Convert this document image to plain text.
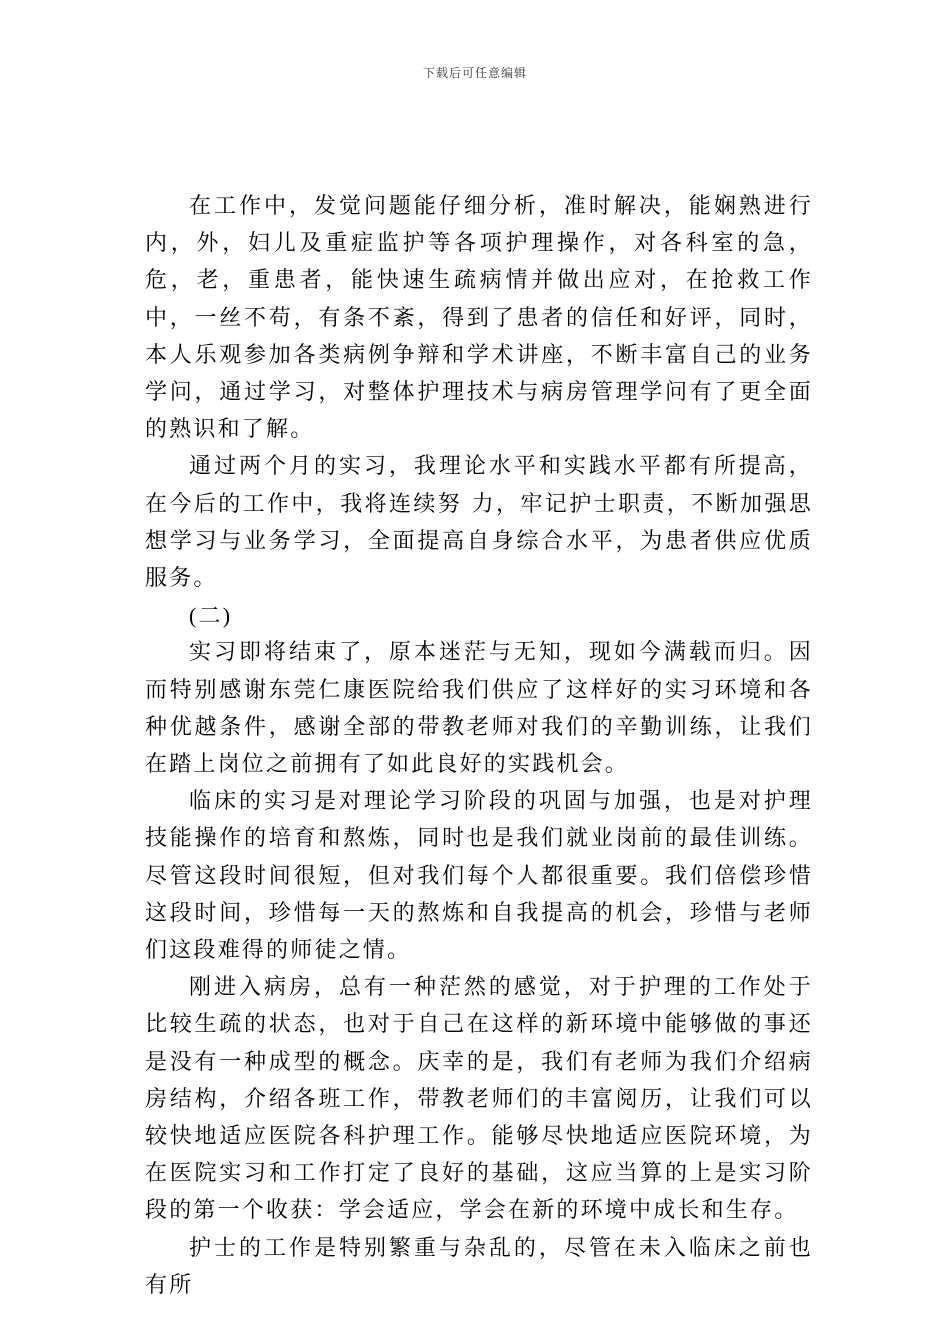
下载后可任意编辑

在工作中，发觉问题能仔细分析，准时解决，能娴熟进行内，外，妇儿及重症监护等各项护理操作，对各科室的急，危，老，重患者，能快速生疏病情并做出应对，在抢救工作中，一丝不苟，有条不紊，得到了患者的信任和好评，同时，本人乐观参加各类病例争辩和学术讲座，不断丰富自己的业务学问，通过学习，对整体护理技术与病房管理学问有了更全面的熟识和了解。

通过两个月的实习，我理论水平和实践水平都有所提高，在今后的工作中，我将连续努 力，牢记护士职责，不断加强思想学习与业务学习，全面提高自身综合水平，为患者供应优质服务。

(二)

实习即将结束了，原本迷茫与无知，现如今满载而归。因而特别感谢东莞仁康医院给我们供应了这样好的实习环境和各种优越条件，感谢全部的带教老师对我们的辛勤训练，让我们在踏上岗位之前拥有了如此良好的实践机会。

临床的实习是对理论学习阶段的巩固与加强，也是对护理技能操作的培育和熬炼，同时也是我们就业岗前的最佳训练。尽管这段时间很短，但对我们每个人都很重要。我们倍偿珍惜这段时间，珍惜每一天的熬炼和自我提高的机会，珍惜与老师们这段难得的师徒之情。

刚进入病房，总有一种茫然的感觉，对于护理的工作处于比较生疏的状态，也对于自己在这样的新环境中能够做的事还是没有一种成型的概念。庆幸的是，我们有老师为我们介绍病房结构，介绍各班工作，带教老师们的丰富阅历，让我们可以较快地适应医院各科护理工作。能够尽快地适应医院环境，为在医院实习和工作打定了良好的基础，这应当算的上是实习阶段的第一个收获：学会适应，学会在新的环境中成长和生存。

护士的工作是特别繁重与杂乱的，尽管在未入临床之前也有所
